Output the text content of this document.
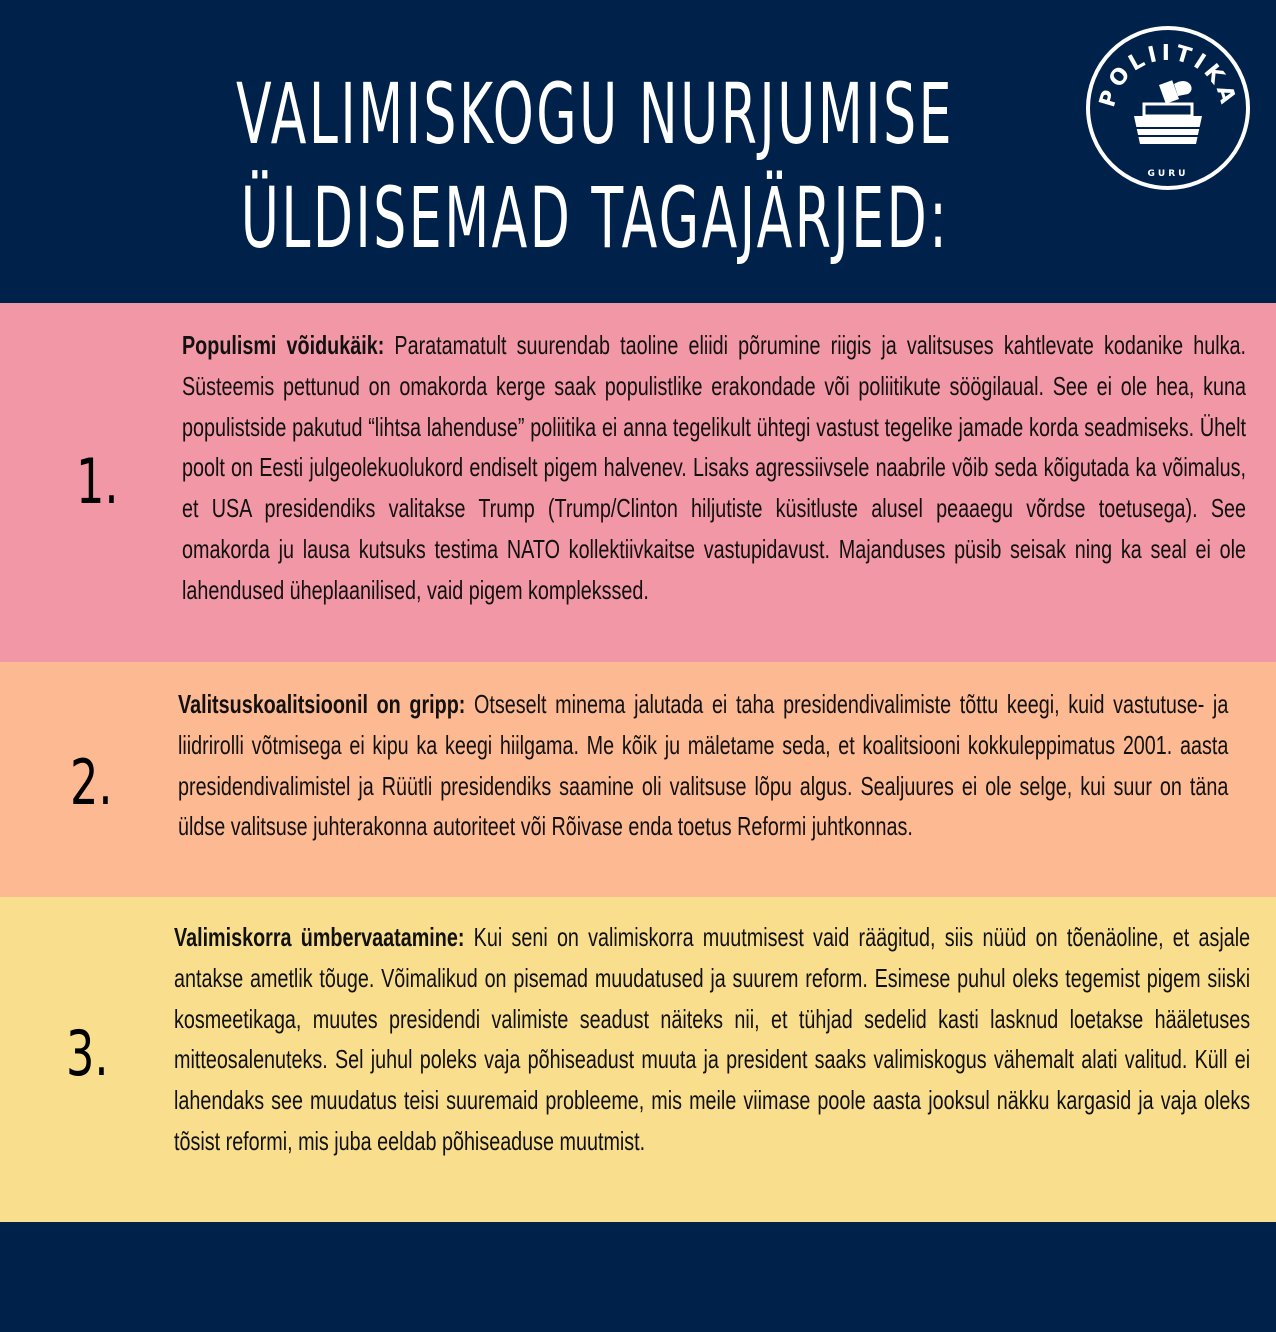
VALIMISKOGU NURJUMISE
ÜLDISEMAD TAGAJÄRJED:
POLIITIKA
GURU
1.
Populismi võidukäik: Paratamatult suurendab taoline eliidi põrumine riigis ja valitsuses kahtlevate kodanike hulka. Süsteemis pettunud on omakorda kerge saak populistlike erakondade või poliitikute söögilaual. See ei ole hea, kuna populistside pakutud “lihtsa lahenduse” poliitika ei anna tegelikult ühtegi vastust tegelike jamade korda seadmiseks. Ühelt poolt on Eesti julgeolekuolukord endiselt pigem halvenev. Lisaks agressiivsele naabrile võib seda kõigutada ka võimalus, et USA presidendiks valitakse Trump (Trump/Clinton hiljutiste küsitluste alusel peaaegu võrdse toetusega). See omakorda ju lausa kutsuks testima NATO kollektiivkaitse vastupidavust. Majanduses püsib seisak ning ka seal ei ole lahendused üheplaanilised, vaid pigem komplekssed.
2.
Valitsuskoalitsioonil on gripp: Otseselt minema jalutada ei taha presidendivalimiste tõttu keegi, kuid vastutuse- ja liidrirolli võtmisega ei kipu ka keegi hiilgama. Me kõik ju mäletame seda, et koalitsiooni kokkuleppimatus 2001. aasta presidendivalimistel ja Rüütli presidendiks saamine oli valitsuse lõpu algus. Sealjuures ei ole selge, kui suur on täna üldse valitsuse juhterakonna autoriteet või Rõivase enda toetus Reformi juhtkonnas.
3.
Valimiskorra ümbervaatamine: Kui seni on valimiskorra muutmisest vaid räägitud, siis nüüd on tõenäoline, et asjale antakse ametlik tõuge. Võimalikud on pisemad muudatused ja suurem reform. Esimese puhul oleks tegemist pigem siiski kosmeetikaga, muutes presidendi valimiste seadust näiteks nii, et tühjad sedelid kasti lasknud loetakse hääletuses mitteosalenuteks. Sel juhul poleks vaja põhiseadust muuta ja president saaks valimiskogus vähemalt alati valitud. Küll ei lahendaks see muudatus teisi suuremaid probleeme, mis meile viimase poole aasta jooksul näkku kargasid ja vaja oleks tõsist reformi, mis juba eeldab põhiseaduse muutmist.
